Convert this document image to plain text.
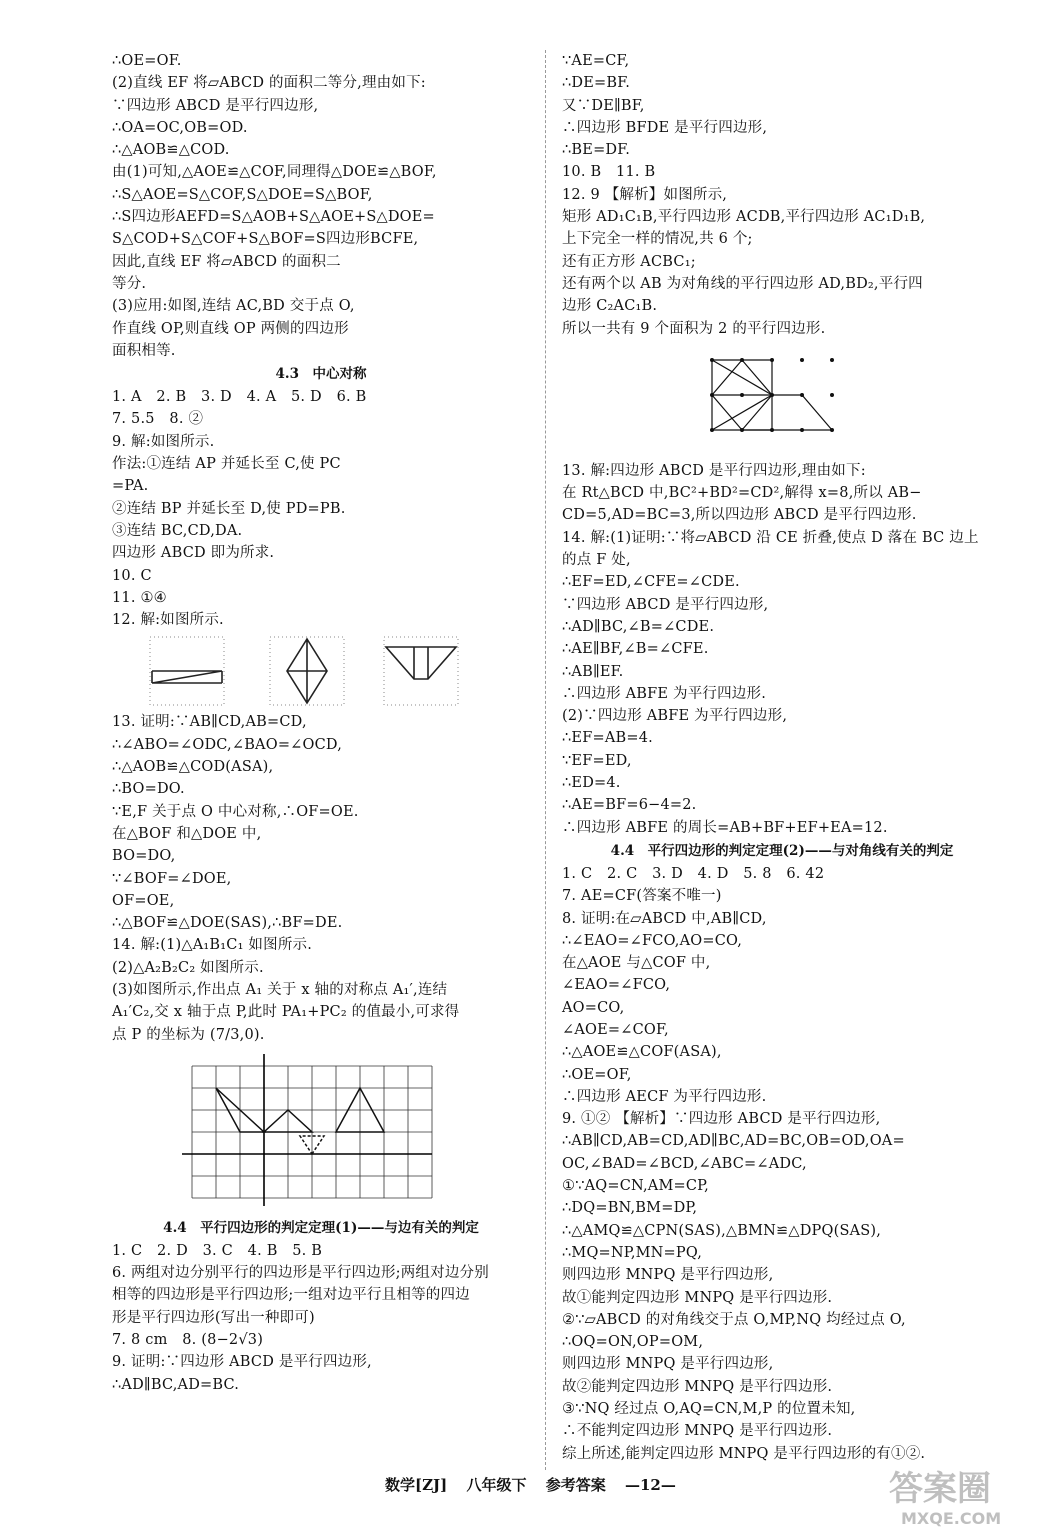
∴OE=OF.
(2)直线 EF 将▱ABCD 的面积二等分,理由如下:
∵四边形 ABCD 是平行四边形,
∴OA=OC,OB=OD.
∴△AOB≌△COD.
由(1)可知,△AOE≌△COF,同理得△DOE≌△BOF,
∴S△AOE=S△COF,S△DOE=S△BOF,
∴S四边形AEFD=S△AOB+S△AOE+S△DOE=
S△COD+S△COF+S△BOF=S四边形BCFE,
因此,直线 EF 将▱ABCD 的面积二
等分.
(3)应用:如图,连结 AC,BD 交于点 O,
作直线 OP,则直线 OP 两侧的四边形
面积相等.
4.3　中心对称
1. A　2. B　3. D　4. A　5. D　6. B
7. 5.5　8. ②
9. 解:如图所示.
作法:①连结 AP 并延长至 C,使 PC
=PA.
②连结 BP 并延长至 D,使 PD=PB.
③连结 BC,CD,DA.
四边形 ABCD 即为所求.
10. C
11. ①④
12. 解:如图所示.
13. 证明:∵AB∥CD,AB=CD,
∴∠ABO=∠ODC,∠BAO=∠OCD,
∴△AOB≌△COD(ASA),
∴BO=DO.
∵E,F 关于点 O 中心对称,∴OF=OE.
在△BOF 和△DOE 中,
BO=DO,
∵∠BOF=∠DOE,
OF=OE,
∴△BOF≌△DOE(SAS),∴BF=DE.
14. 解:(1)△A₁B₁C₁ 如图所示.
(2)△A₂B₂C₂ 如图所示.
(3)如图所示,作出点 A₁ 关于 x 轴的对称点 A₁′,连结
A₁′C₂,交 x 轴于点 P,此时 PA₁+PC₂ 的值最小,可求得
点 P 的坐标为 (7/3,0).
4.4　平行四边形的判定定理(1)——与边有关的判定
1. C　2. D　3. C　4. B　5. B
6. 两组对边分别平行的四边形是平行四边形;两组对边分别
相等的四边形是平行四边形;一组对边平行且相等的四边
形是平行四边形(写出一种即可)
7. 8 cm　8. (8−2√3)
9. 证明:∵四边形 ABCD 是平行四边形,
∴AD∥BC,AD=BC.
∵AE=CF,
∴DE=BF.
又∵DE∥BF,
∴四边形 BFDE 是平行四边形,
∴BE=DF.
10. B　11. B
12. 9 【解析】如图所示,
矩形 AD₁C₁B,平行四边形 ACDB,平行四边形 AC₁D₁B,
上下完全一样的情况,共 6 个;
还有正方形 ACBC₁;
还有两个以 AB 为对角线的平行四边形 AD,BD₂,平行四
边形 C₂AC₁B.
所以一共有 9 个面积为 2 的平行四边形.
13. 解:四边形 ABCD 是平行四边形,理由如下:
在 Rt△BCD 中,BC²+BD²=CD²,解得 x=8,所以 AB−
CD=5,AD=BC=3,所以四边形 ABCD 是平行四边形.
14. 解:(1)证明:∵将▱ABCD 沿 CE 折叠,使点 D 落在 BC 边上
的点 F 处,
∴EF=ED,∠CFE=∠CDE.
∵四边形 ABCD 是平行四边形,
∴AD∥BC,∠B=∠CDE.
∴AE∥BF,∠B=∠CFE.
∴AB∥EF.
∴四边形 ABFE 为平行四边形.
(2)∵四边形 ABFE 为平行四边形,
∴EF=AB=4.
∵EF=ED,
∴ED=4.
∴AE=BF=6−4=2.
∴四边形 ABFE 的周长=AB+BF+EF+EA=12.
4.4　平行四边形的判定定理(2)——与对角线有关的判定
1. C　2. C　3. D　4. D　5. 8　6. 42
7. AE=CF(答案不唯一)
8. 证明:在▱ABCD 中,AB∥CD,
∴∠EAO=∠FCO,AO=CO,
在△AOE 与△COF 中,
∠EAO=∠FCO,
AO=CO,
∠AOE=∠COF,
∴△AOE≌△COF(ASA),
∴OE=OF,
∴四边形 AECF 为平行四边形.
9. ①② 【解析】∵四边形 ABCD 是平行四边形,
∴AB∥CD,AB=CD,AD∥BC,AD=BC,OB=OD,OA=
OC,∠BAD=∠BCD,∠ABC=∠ADC,
①∵AQ=CN,AM=CP,
∴DQ=BN,BM=DP,
∴△AMQ≌△CPN(SAS),△BMN≌△DPQ(SAS),
∴MQ=NP,MN=PQ,
则四边形 MNPQ 是平行四边形,
故①能判定四边形 MNPQ 是平行四边形.
②∵▱ABCD 的对角线交于点 O,MP,NQ 均经过点 O,
∴OQ=ON,OP=OM,
则四边形 MNPQ 是平行四边形,
故②能判定四边形 MNPQ 是平行四边形.
③∵NQ 经过点 O,AQ=CN,M,P 的位置未知,
∴不能判定四边形 MNPQ 是平行四边形.
综上所述,能判定四边形 MNPQ 是平行四边形的有①②.
数学[ZJ] 八年级下 参考答案 —12—	答案圈
MXQE.COM
